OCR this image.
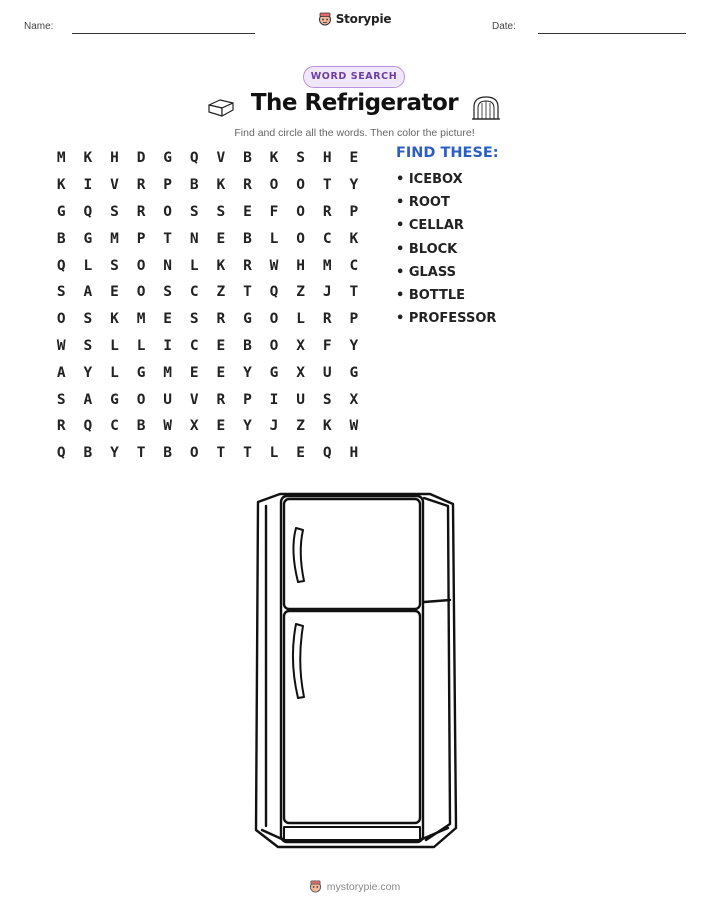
Name:
Storypie
Date:
WORD SEARCH
The Refrigerator
Find and circle all the words. Then color the picture!
M	K	H	D	G	Q	V	B	K	S	H	E
K	I	V	R	P	B	K	R	O	O	T	Y
G	Q	S	R	O	S	S	E	F	O	R	P
B	G	M	P	T	N	E	B	L	O	C	K
Q	L	S	O	N	L	K	R	W	H	M	C
S	A	E	O	S	C	Z	T	Q	Z	J	T
O	S	K	M	E	S	R	G	O	L	R	P
W	S	L	L	I	C	E	B	O	X	F	Y
A	Y	L	G	M	E	E	Y	G	X	U	G
S	A	G	O	U	V	R	P	I	U	S	X
R	Q	C	B	W	X	E	Y	J	Z	K	W
Q	B	Y	T	B	O	T	T	L	E	Q	H
FIND THESE:
• ICEBOX
• ROOT
• CELLAR
• BLOCK
• GLASS
• BOTTLE
• PROFESSOR
mystorypie.com
